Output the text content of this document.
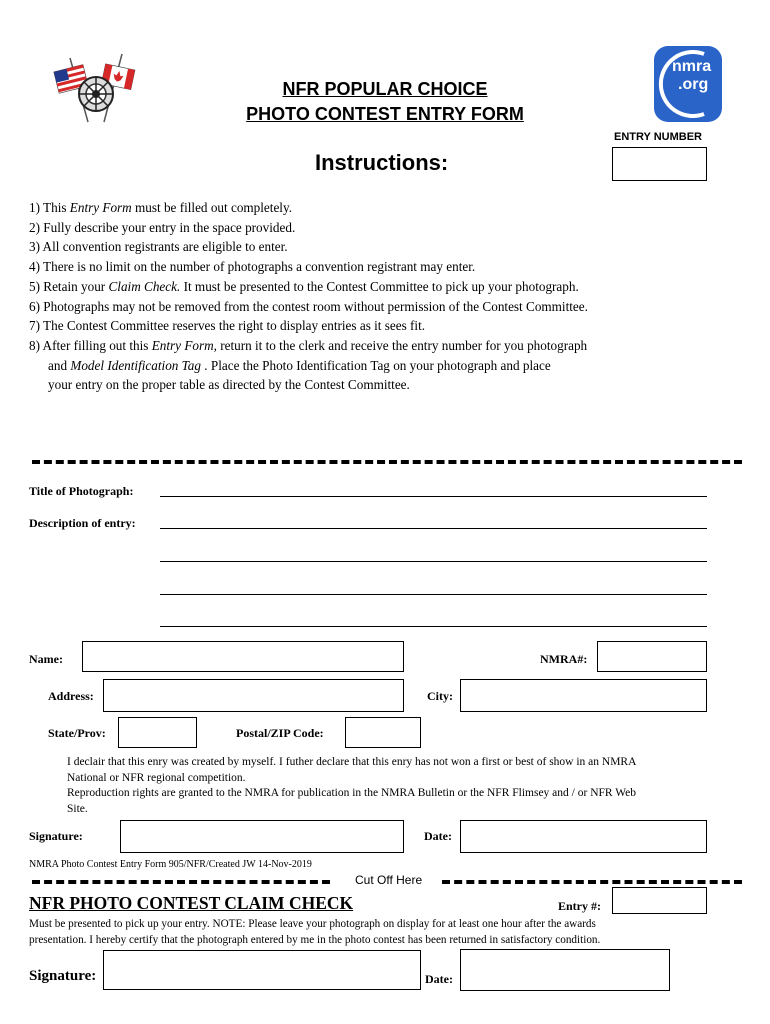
NFR POPULAR CHOICE
PHOTO CONTEST ENTRY FORM
nmra
.org
ENTRY NUMBER
Instructions:
1) This Entry Form must be filled out completely.
2) Fully describe your entry in the space provided.
3) All convention registrants are eligible to enter.
4) There is no limit on the number of photographs a convention registrant may enter.
5) Retain your Claim Check. It must be presented to the Contest Committee to pick up your photograph.
6) Photographs may not be removed from the contest room without permission of the Contest Committee.
7) The Contest Committee reserves the right to display entries as it sees fit.
8) After filling out this Entry Form, return it to the clerk and receive the entry number for you photograph
and Model Identification Tag . Place the Photo Identification Tag on your photograph and place
your entry on the proper table as directed by the Contest Committee.
Title of Photograph:
Description of entry:
Name:	NMRA#:
Address:	City:
State/Prov:	Postal/ZIP Code:
I declair that this enry was created by myself. I futher declare that this enry has not won a first or best of show in an NMRA
National or NFR regional competition.
Reproduction rights are granted to the NMRA for publication in the NMRA Bulletin or the NFR Flimsey and / or NFR Web
Site.
Signature:	Date:
NMRA Photo Contest Entry Form 905/NFR/Created JW 14-Nov-2019
Cut Off Here
NFR PHOTO CONTEST CLAIM CHECK	Entry #:
Must be presented to pick up your entry. NOTE: Please leave your photograph on display for at least one hour after the awards
presentation. I hereby certify that the photograph entered by me in the photo contest has been returned in satisfactory condition.
Signature:	Date:
